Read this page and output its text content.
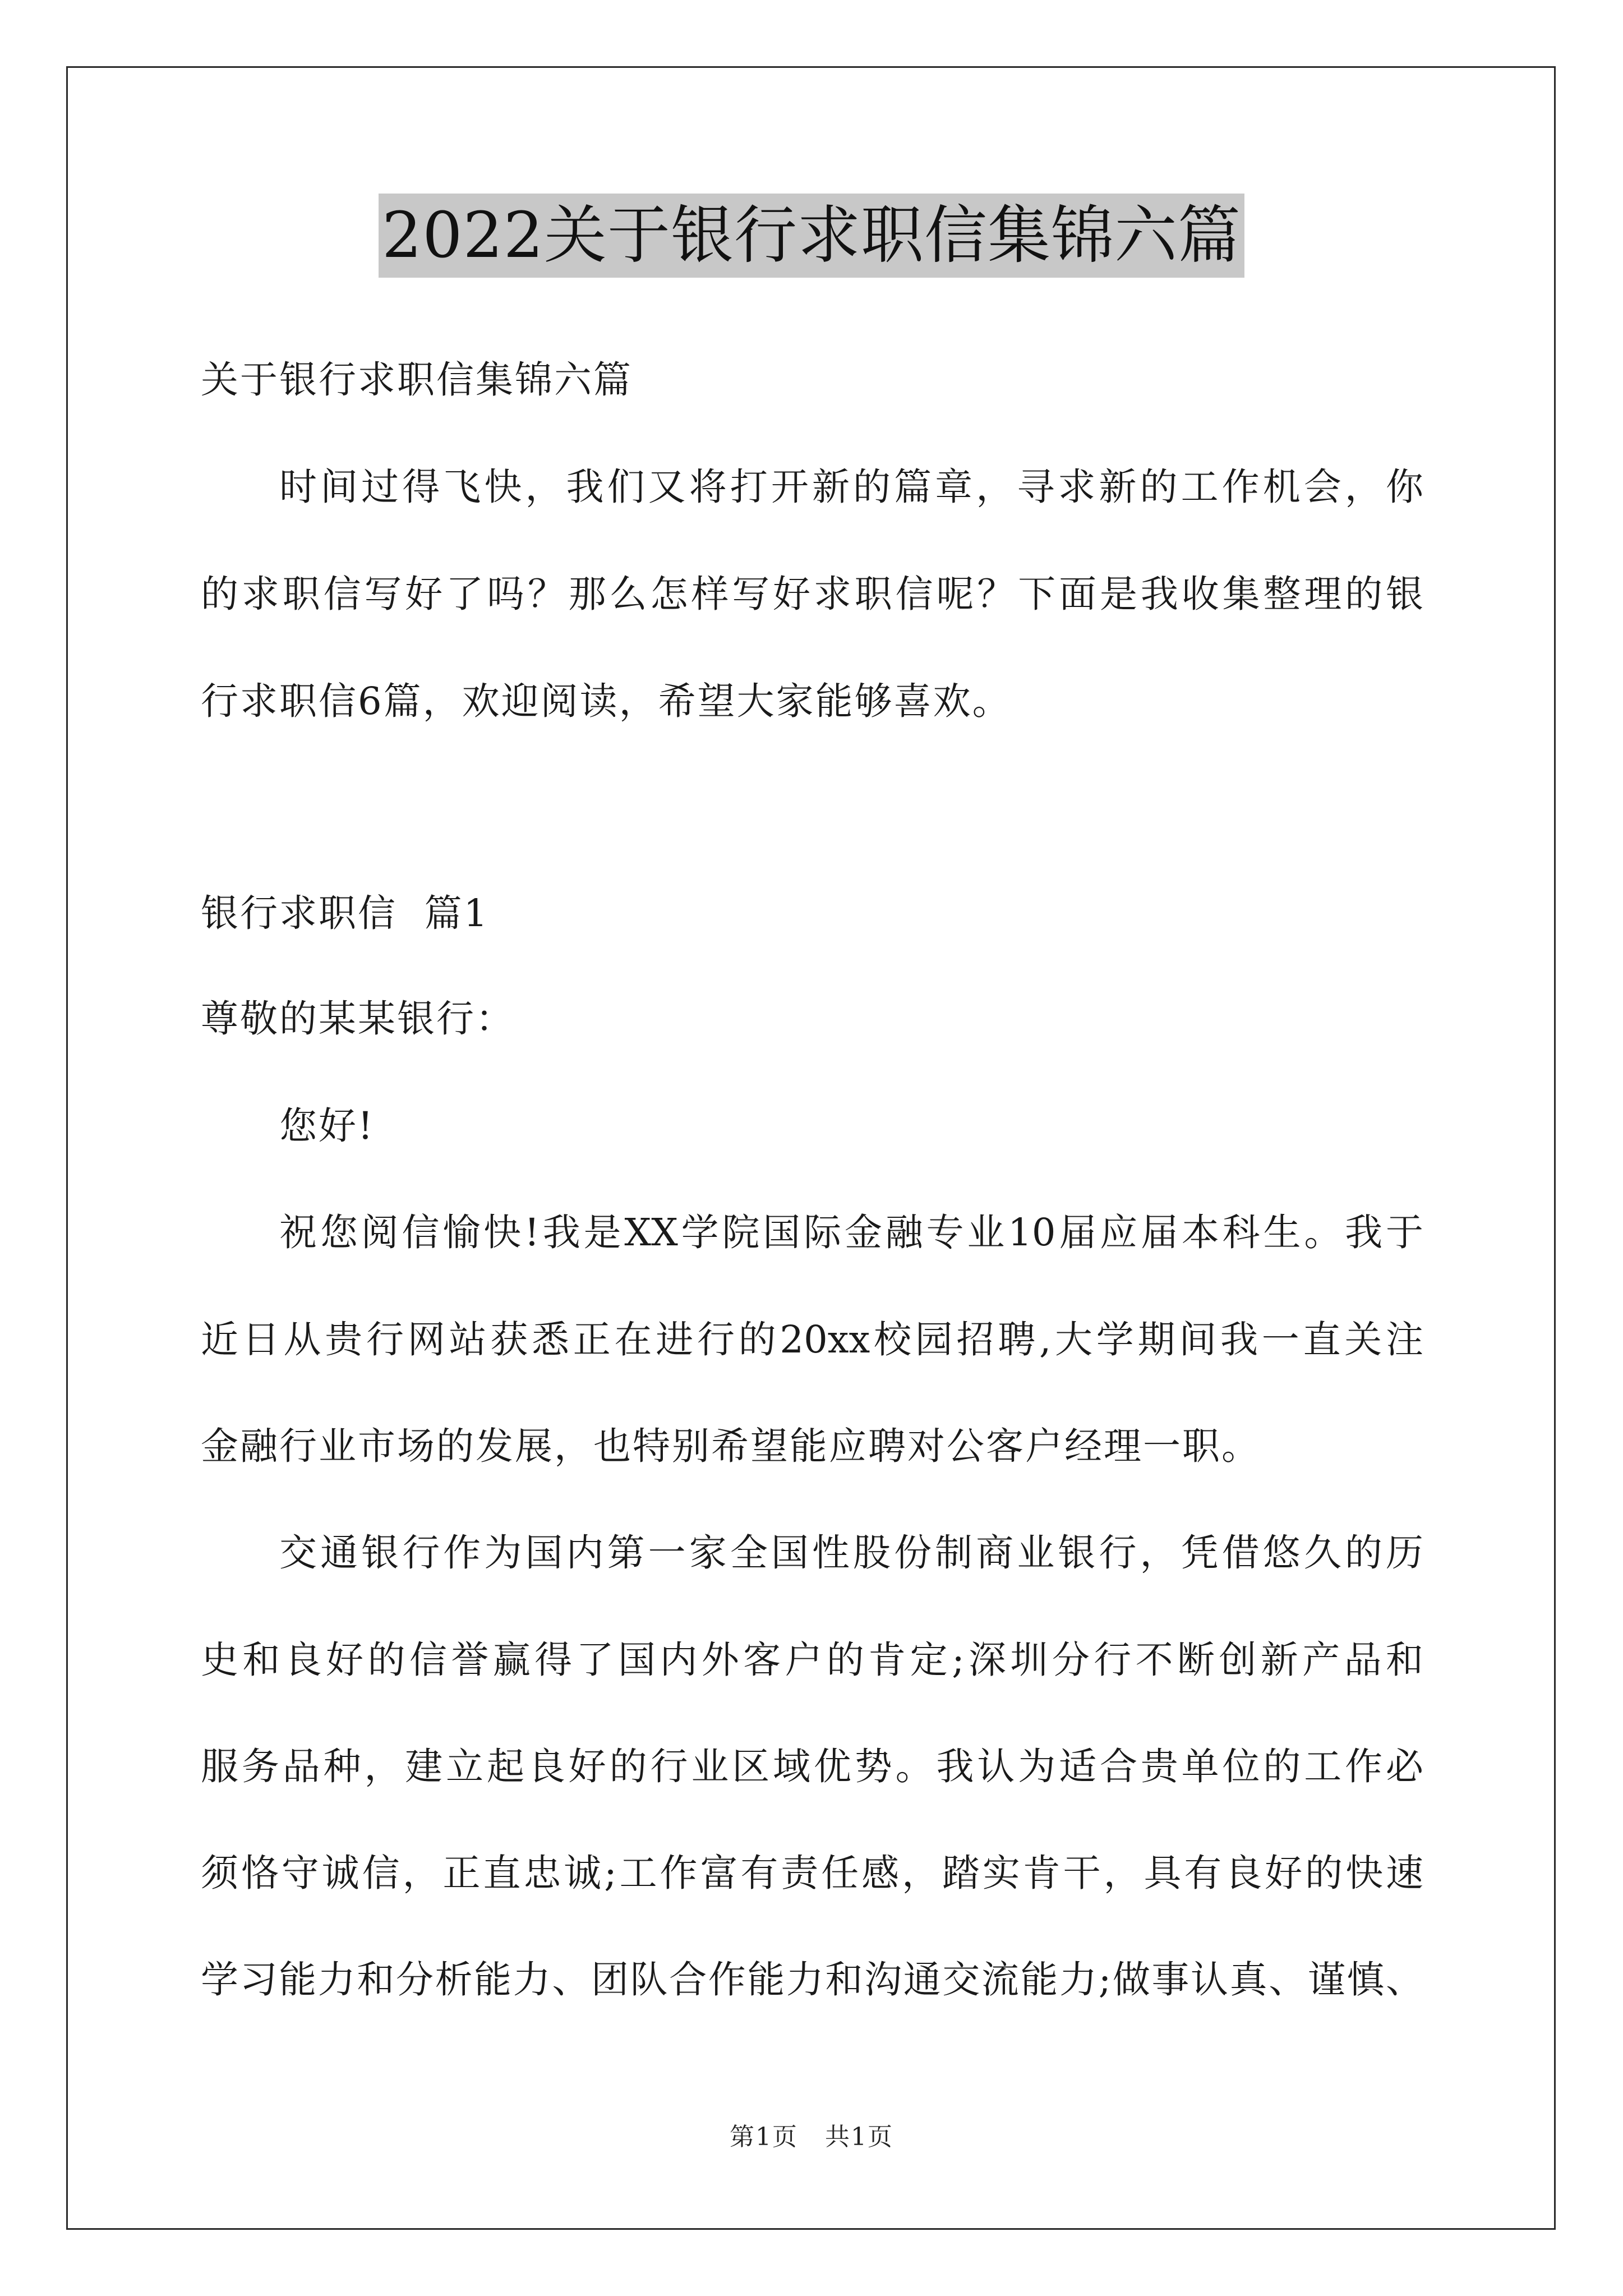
2022关于银行求职信集锦六篇
关于银行求职信集锦六篇
时间过得飞快，我们又将打开新的篇章，寻求新的工作机会，你
的求职信写好了吗？那么怎样写好求职信呢？下面是我收集整理的银
行求职信6篇，欢迎阅读，希望大家能够喜欢。
银行求职信  篇1
尊敬的某某银行：
您好!
祝您阅信愉快!我是XX学院国际金融专业10届应届本科生。我于
近日从贵行网站获悉正在进行的20xx校园招聘,大学期间我一直关注
金融行业市场的发展，也特别希望能应聘对公客户经理一职。
交通银行作为国内第一家全国性股份制商业银行，凭借悠久的历
史和良好的信誉赢得了国内外客户的肯定;深圳分行不断创新产品和
服务品种，建立起良好的行业区域优势。我认为适合贵单位的工作必
须恪守诚信，正直忠诚;工作富有责任感，踏实肯干，具有良好的快速
学习能力和分析能力、团队合作能力和沟通交流能力;做事认真、谨慎、
第1页   共1页
